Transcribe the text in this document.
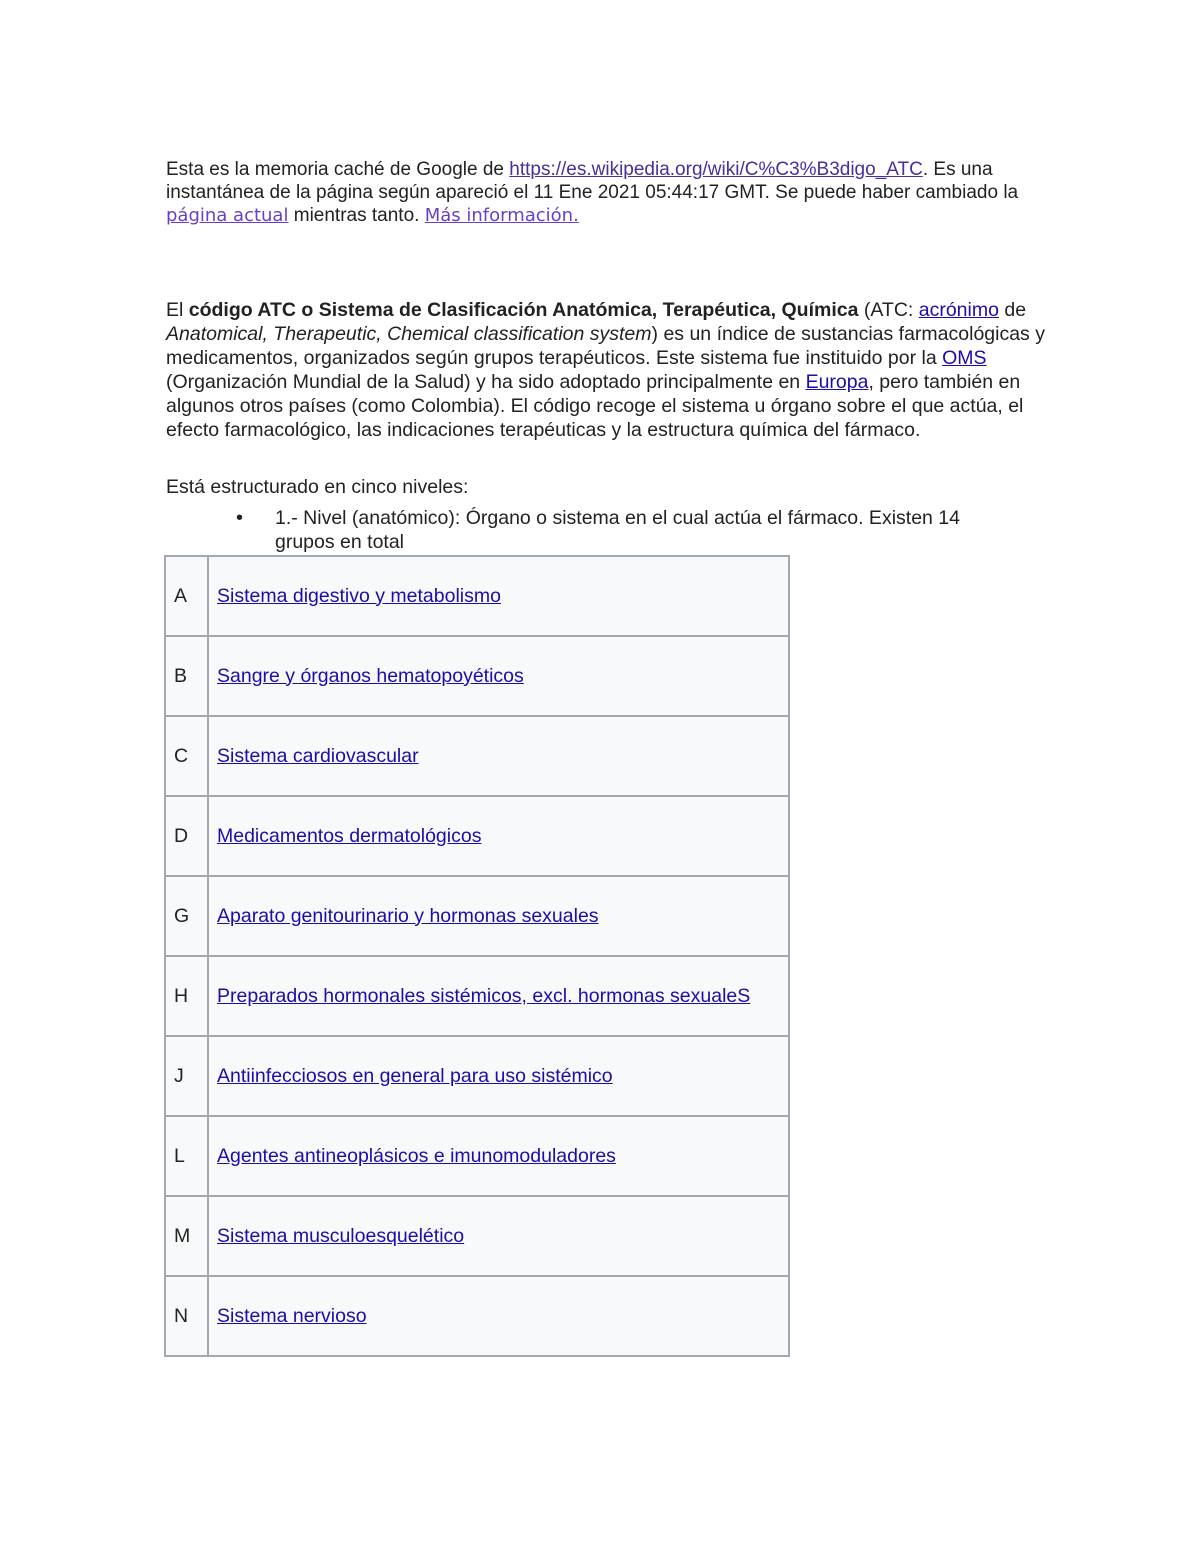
Esta es la memoria caché de Google de https://es.wikipedia.org/wiki/C%C3%B3digo_ATC. Es una instantánea de la página según apareció el 11 Ene 2021 05:44:17 GMT. Se puede haber cambiado la página actual mientras tanto. Más información.

El código ATC o Sistema de Clasificación Anatómica, Terapéutica, Química (ATC: acrónimo de Anatomical, Therapeutic, Chemical classification system) es un índice de sustancias farmacológicas y medicamentos, organizados según grupos terapéuticos. Este sistema fue instituido por la OMS (Organización Mundial de la Salud) y ha sido adoptado principalmente en Europa, pero también en algunos otros países (como Colombia). El código recoge el sistema u órgano sobre el que actúa, el efecto farmacológico, las indicaciones terapéuticas y la estructura química del fármaco.

Está estructurado en cinco niveles:

• 1.- Nivel (anatómico): Órgano o sistema en el cual actúa el fármaco. Existen 14 grupos en total
A	Sistema digestivo y metabolismo
B	Sangre y órganos hematopoyéticos
C	Sistema cardiovascular
D	Medicamentos dermatológicos
G	Aparato genitourinario y hormonas sexuales
H	Preparados hormonales sistémicos, excl. hormonas sexualeS
J	Antiinfecciosos en general para uso sistémico
L	Agentes antineoplásicos e imunomoduladores
M	Sistema musculoesquelético
N	Sistema nervioso
